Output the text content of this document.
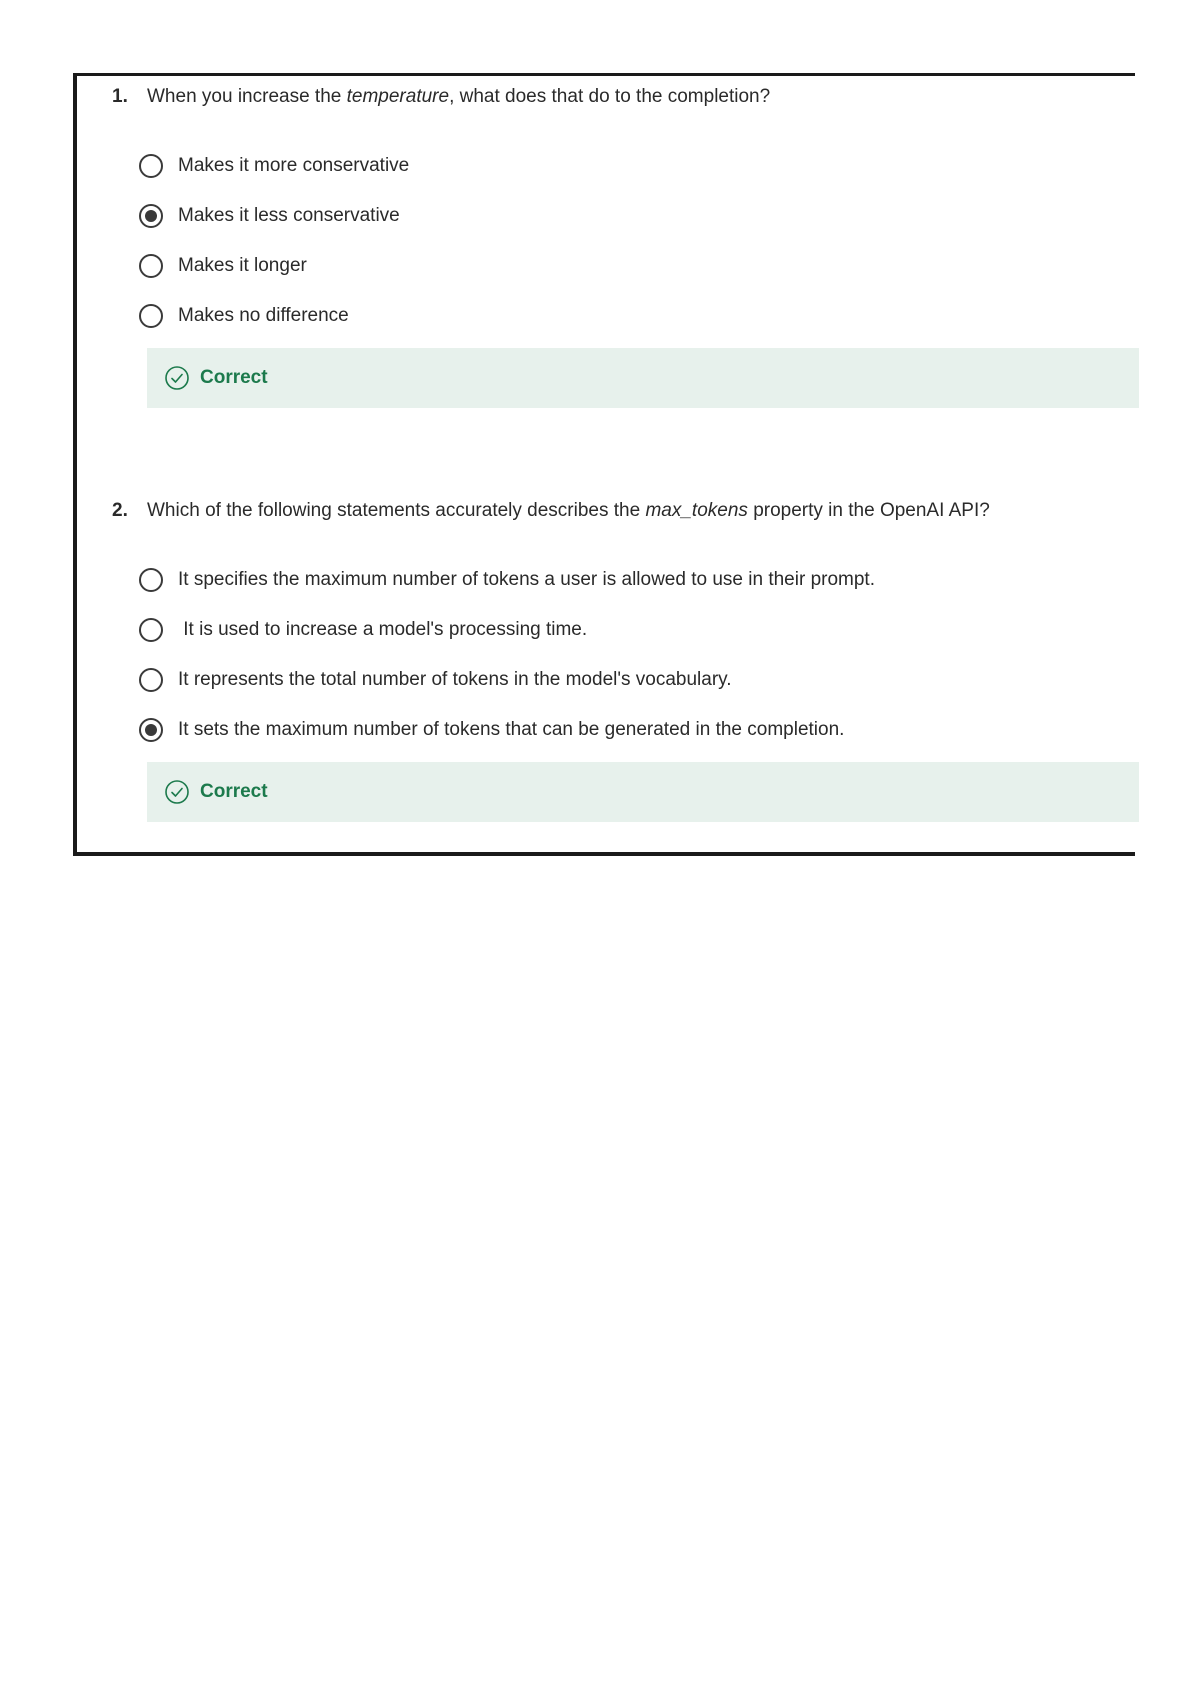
1. When you increase the temperature, what does that do to the completion?
Makes it more conservative
Makes it less conservative
Makes it longer
Makes no difference
Correct
2. Which of the following statements accurately describes the max_tokens property in the OpenAI API?
It specifies the maximum number of tokens a user is allowed to use in their prompt.
It is used to increase a model's processing time.
It represents the total number of tokens in the model's vocabulary.
It sets the maximum number of tokens that can be generated in the completion.
Correct
